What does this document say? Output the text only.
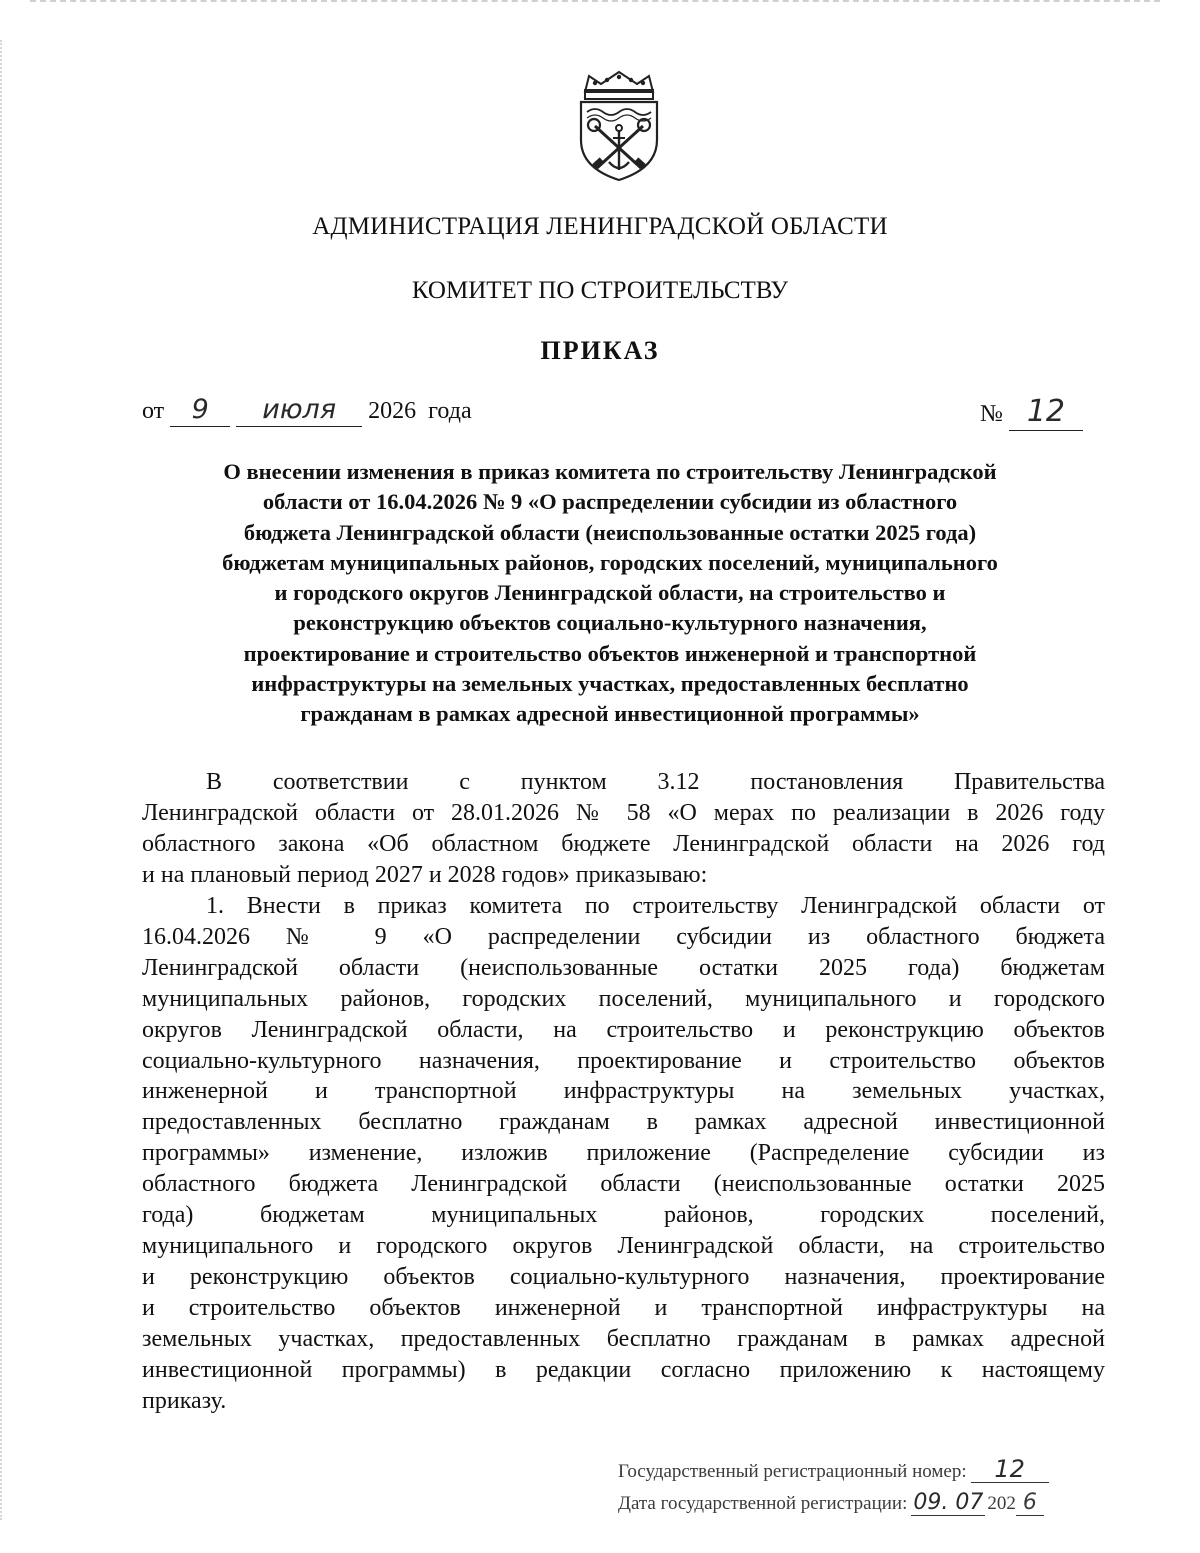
АДМИНИСТРАЦИЯ ЛЕНИНГРАДСКОЙ ОБЛАСТИ
КОМИТЕТ ПО СТРОИТЕЛЬСТВУ
ПРИКАЗ
от	9	июля	2026  года	№ 12
О внесении изменения в приказ комитета по строительству Ленинградской
области от 16.04.2026 № 9 «О распределении субсидии из областного
бюджета Ленинградской области (неиспользованные остатки 2025 года)
бюджетам муниципальных районов, городских поселений, муниципального
и городского округов Ленинградской области, на строительство и
реконструкцию объектов социально-культурного назначения,
проектирование и строительство объектов инженерной и транспортной
инфраструктуры на земельных участках, предоставленных бесплатно
гражданам в рамках адресной инвестиционной программы»
В соответствии с пунктом 3.12 постановления Правительства
Ленинградской области от 28.01.2026 № 58 «О мерах по реализации в 2026 году
областного закона «Об областном бюджете Ленинградской области на 2026 год
и на плановый период 2027 и 2028 годов» приказываю:
1. Внести в приказ комитета по строительству Ленинградской области от
16.04.2026 № 9 «О распределении субсидии из областного бюджета
Ленинградской области (неиспользованные остатки 2025 года) бюджетам
муниципальных районов, городских поселений, муниципального и городского
округов Ленинградской области, на строительство и реконструкцию объектов
социально-культурного назначения, проектирование и строительство объектов
инженерной и транспортной инфраструктуры на земельных участках,
предоставленных бесплатно гражданам в рамках адресной инвестиционной
программы» изменение, изложив приложение (Распределение субсидии из
областного бюджета Ленинградской области (неиспользованные остатки 2025
года) бюджетам муниципальных районов, городских поселений,
муниципального и городского округов Ленинградской области, на строительство
и реконструкцию объектов социально-культурного назначения, проектирование
и строительство объектов инженерной и транспортной инфраструктуры на
земельных участках, предоставленных бесплатно гражданам в рамках адресной
инвестиционной программы) в редакции согласно приложению к настоящему
приказу.
Государственный регистрационный номер:	12
Дата государственной регистрации: 09. 07 202 6
